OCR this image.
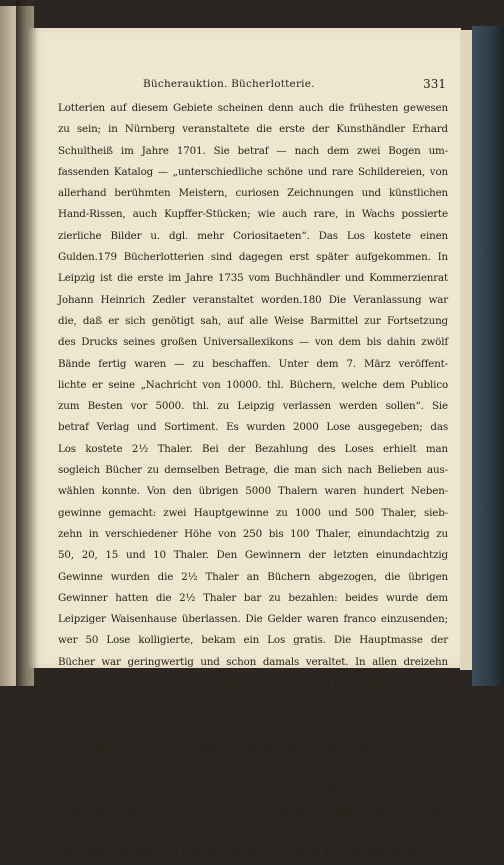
Bücherauktion. Bücherlotterie.	331
Lotterien auf diesem Gebiete scheinen denn auch die frühesten gewesen
zu sein; in Nürnberg veranstaltete die erste der Kunsthändler Erhard
Schultheiß im Jahre 1701. Sie betraf — nach dem zwei Bogen um-
fassenden Katalog — „unterschiedliche schöne und rare Schildereien, von
allerhand berühmten Meistern, curiosen Zeichnungen und künstlichen
Hand-Rissen, auch Kupffer-Stücken; wie auch rare, in Wachs possierte
zierliche Bilder u. dgl. mehr Coriositaeten“. Das Los kostete einen
Gulden.179 Bücherlotterien sind dagegen erst später aufgekommen. In
Leipzig ist die erste im Jahre 1735 vom Buchhändler und Kommerzienrat
Johann Heinrich Zedler veranstaltet worden.180 Die Veranlassung war
die, daß er sich genötigt sah, auf alle Weise Barmittel zur Fortsetzung
des Drucks seines großen Universallexikons — von dem bis dahin zwölf
Bände fertig waren — zu beschaffen. Unter dem 7. März veröffent-
lichte er seine „Nachricht von 10000. thl. Büchern, welche dem Publico
zum Besten vor 5000. thl. zu Leipzig verlassen werden sollen“. Sie
betraf Verlag und Sortiment. Es wurden 2000 Lose ausgegeben; das
Los kostete 2½ Thaler. Bei der Bezahlung des Loses erhielt man
sogleich Bücher zu demselben Betrage, die man sich nach Belieben aus-
wählen konnte. Von den übrigen 5000 Thalern waren hundert Neben-
gewinne gemacht: zwei Hauptgewinne zu 1000 und 500 Thaler, sieb-
zehn in verschiedener Höhe von 250 bis 100 Thaler, einundachtzig zu
50, 20, 15 und 10 Thaler. Den Gewinnern der letzten einundachtzig
Gewinne wurden die 2½ Thaler an Büchern abgezogen, die übrigen
Gewinner hatten die 2½ Thaler bar zu bezahlen: beides wurde dem
Leipziger Waisenhause überlassen. Die Gelder waren franco einzusenden;
wer 50 Lose kolligierte, bekam ein Los gratis. Die Hauptmasse der
Bücher war geringwertig und schon damals veraltet. In allen dreizehn
Gewinnstufen herrschten kleine populäre, Schul- und Erbauungsbücher vor;
die niedrigste setzte sich bis auf zwei Bücher ganz daraus zusammen.
Dagegen fanden sich auch, besonders unter den Gewinnen von 100 Thalern
an, wirklich wertvolle, sogar einzelne Bibliothekswerke darunter: so
Lohensteins Gedichte, Rauppii bibliotheca portatilis (10 Thaler), Schatz-
kammer der Natur und Kunst (24 Thaler), Jac. Böhmes theosophische
Schriften, Spenersche Werke, Schauhs Biblischer Wegweiser, die Werke
von Johannes Chrysostomus (25 Thaler), theologische Werke von Mart.
Chemnitz, Joh. Gerhard und Weyhenmeyer, Luthers Kirchenpostille, Joh.
